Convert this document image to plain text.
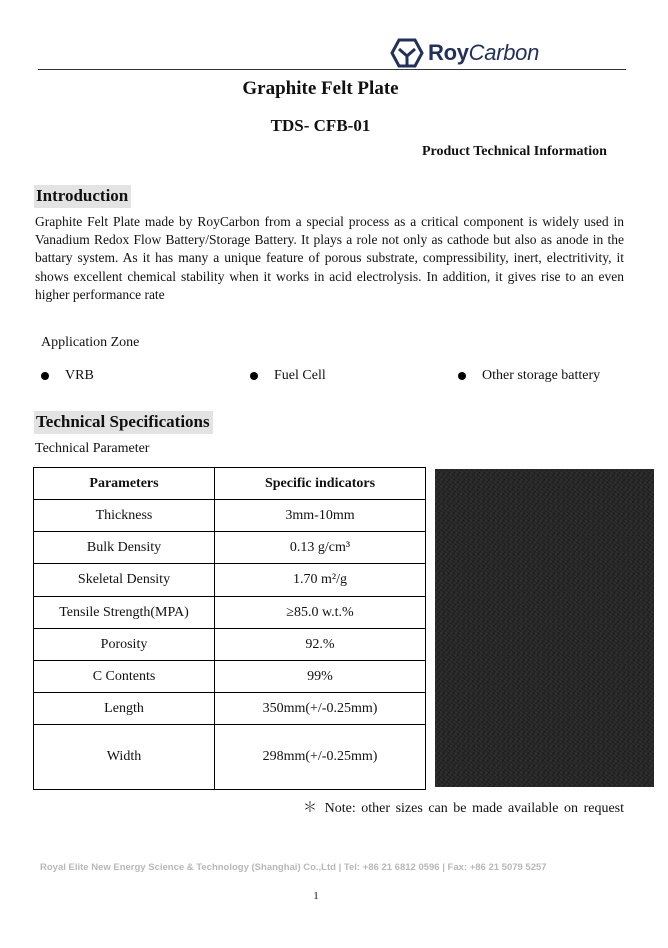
RoyCarbon
Graphite Felt Plate
TDS- CFB-01
Product Technical Information
Introduction
Graphite Felt Plate made by RoyCarbon from a special process as a critical component is widely used in Vanadium Redox Flow Battery/Storage Battery. It plays a role not only as cathode but also as anode in the battary system. As it has many a unique feature of porous substrate, compressibility, inert, electritivity, it shows excellent chemical stability when it works in acid electrolysis. In addition, it gives rise to an even higher performance rate
Application Zone
VRB	Fuel Cell	Other storage battery
Technical Specifications
Technical Parameter
Parameters	Specific indicators
Thickness	3mm-10mm
Bulk Density	0.13 g/cm³
Skeletal Density	1.70 m²/g
Tensile Strength(MPA)	≥85.0 w.t.%
Porosity	92.%
C Contents	99%
Length	350mm(+/-0.25mm)
Width	298mm(+/-0.25mm)
＊ Note: other sizes can be made available on request
Royal Elite New Energy Science & Technology (Shanghai) Co.,Ltd | Tel: +86 21 6812 0596 | Fax: +86 21 5079 5257
1
